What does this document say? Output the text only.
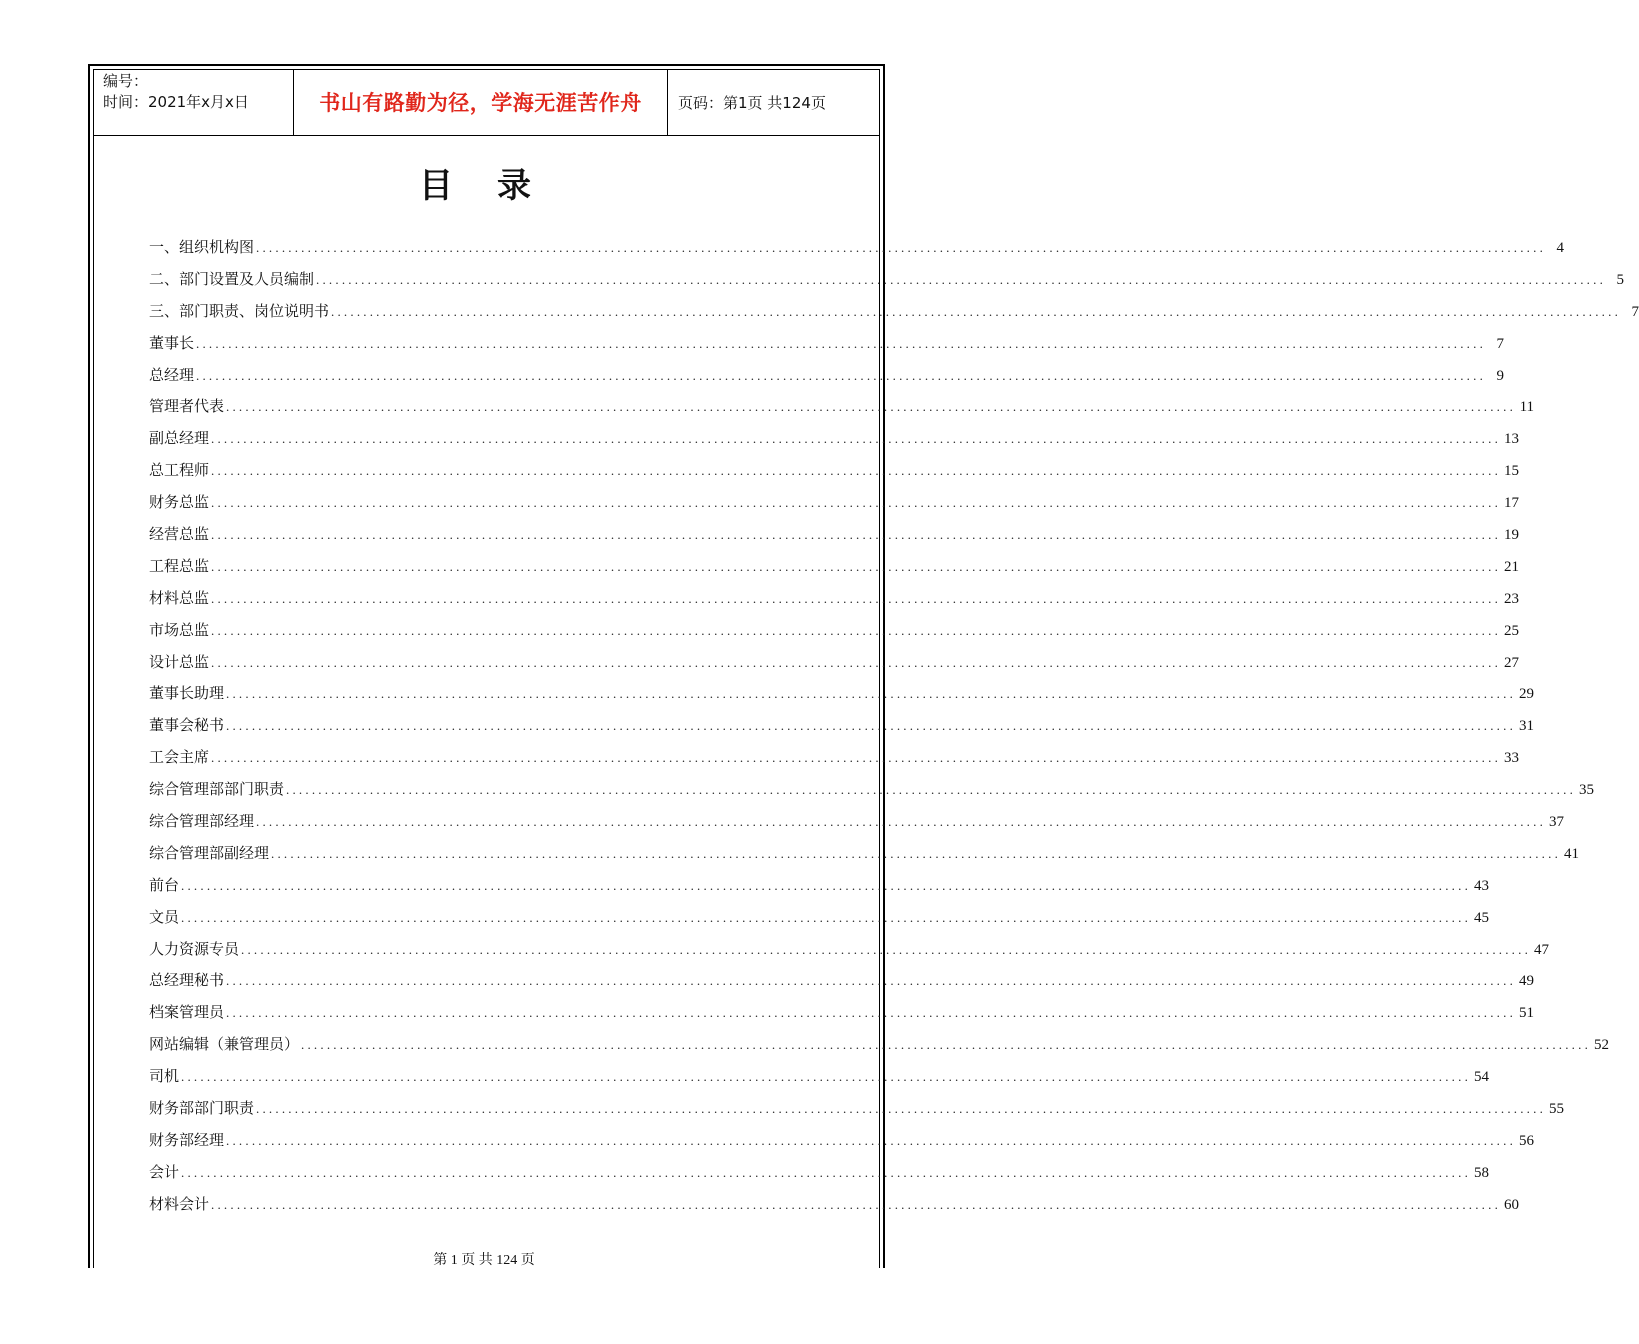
编号：
时间：2021年x月x日	书山有路勤为径，学海无涯苦作舟	页码：第1页 共124页
目录
一、组织机构图 ........................................................................................................................................................................................................ 4
二、部门设置及人员编制 ........................................................................................................................................................................................................ 5
三、部门职责、岗位说明书 ........................................................................................................................................................................................................ 7
董事长 ........................................................................................................................................................................................................ 7
总经理 ........................................................................................................................................................................................................ 9
管理者代表 ........................................................................................................................................................................................................ 11
副总经理 ........................................................................................................................................................................................................ 13
总工程师 ........................................................................................................................................................................................................ 15
财务总监 ........................................................................................................................................................................................................ 17
经营总监 ........................................................................................................................................................................................................ 19
工程总监 ........................................................................................................................................................................................................ 21
材料总监 ........................................................................................................................................................................................................ 23
市场总监 ........................................................................................................................................................................................................ 25
设计总监 ........................................................................................................................................................................................................ 27
董事长助理 ........................................................................................................................................................................................................ 29
董事会秘书 ........................................................................................................................................................................................................ 31
工会主席 ........................................................................................................................................................................................................ 33
综合管理部部门职责 ........................................................................................................................................................................................................ 35
综合管理部经理 ........................................................................................................................................................................................................ 37
综合管理部副经理 ........................................................................................................................................................................................................ 41
前台 ........................................................................................................................................................................................................ 43
文员 ........................................................................................................................................................................................................ 45
人力资源专员 ........................................................................................................................................................................................................ 47
总经理秘书 ........................................................................................................................................................................................................ 49
档案管理员 ........................................................................................................................................................................................................ 51
网站编辑（兼管理员） ........................................................................................................................................................................................................ 52
司机 ........................................................................................................................................................................................................ 54
财务部部门职责 ........................................................................................................................................................................................................ 55
财务部经理 ........................................................................................................................................................................................................ 56
会计 ........................................................................................................................................................................................................ 58
材料会计 ........................................................................................................................................................................................................ 60
第 1 页 共 124 页
